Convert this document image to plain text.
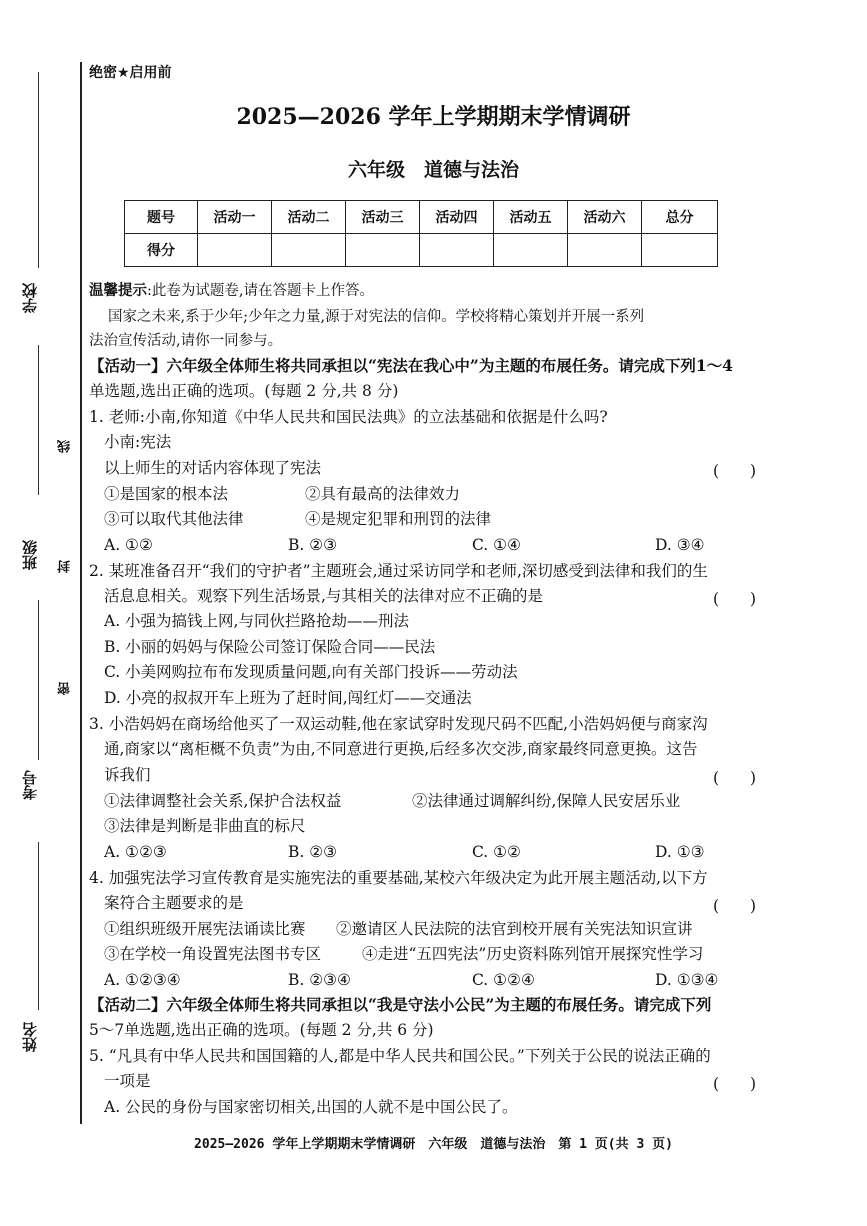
学校
班级
考号
姓名
线
封
密
绝密★启用前
2025—2026 学年上学期期末学情调研
六年级　道德与法治
题号	活动一	活动二	活动三	活动四	活动五	活动六	总分
得分							
温馨提示:此卷为试题卷,请在答题卡上作答。
国家之未来,系于少年;少年之力量,源于对宪法的信仰。学校将精心策划并开展一系列
法治宣传活动,请你一同参与。
【活动一】六年级全体师生将共同承担以“宪法在我心中”为主题的布展任务。请完成下列1～4
单选题,选出正确的选项。(每题 2 分,共 8 分)
1. 老师:小南,你知道《中华人民共和国民法典》的立法基础和依据是什么吗?
小南:宪法
以上师生的对话内容体现了宪法	(　　)
①是国家的根本法	②具有最高的法律效力
③可以取代其他法律	④是规定犯罪和刑罚的法律
A. ①②	B. ②③	C. ①④	D. ③④
2. 某班准备召开“我们的守护者”主题班会,通过采访同学和老师,深切感受到法律和我们的生
活息息相关。观察下列生活场景,与其相关的法律对应不正确的是	(　　)
A. 小强为搞钱上网,与同伙拦路抢劫——刑法
B. 小丽的妈妈与保险公司签订保险合同——民法
C. 小美网购拉布布发现质量问题,向有关部门投诉——劳动法
D. 小亮的叔叔开车上班为了赶时间,闯红灯——交通法
3. 小浩妈妈在商场给他买了一双运动鞋,他在家试穿时发现尺码不匹配,小浩妈妈便与商家沟
通,商家以“离柜概不负责”为由,不同意进行更换,后经多次交涉,商家最终同意更换。这告
诉我们	(　　)
①法律调整社会关系,保护合法权益	②法律通过调解纠纷,保障人民安居乐业
③法律是判断是非曲直的标尺
A. ①②③	B. ②③	C. ①②	D. ①③
4. 加强宪法学习宣传教育是实施宪法的重要基础,某校六年级决定为此开展主题活动,以下方
案符合主题要求的是	(　　)
①组织班级开展宪法诵读比赛 ②邀请区人民法院的法官到校开展有关宪法知识宣讲
③在学校一角设置宪法图书专区	④走进“五四宪法”历史资料陈列馆开展探究性学习
A. ①②③④	B. ②③④	C. ①②④	D. ①③④
【活动二】六年级全体师生将共同承担以“我是守法小公民”为主题的布展任务。请完成下列
5～7单选题,选出正确的选项。(每题 2 分,共 6 分)
5. “凡具有中华人民共和国国籍的人,都是中华人民共和国公民。”下列关于公民的说法正确的
一项是	(　　)
A. 公民的身份与国家密切相关,出国的人就不是中国公民了。
2025—2026 学年上学期期末学情调研　六年级　道德与法治　第 1 页(共 3 页)
